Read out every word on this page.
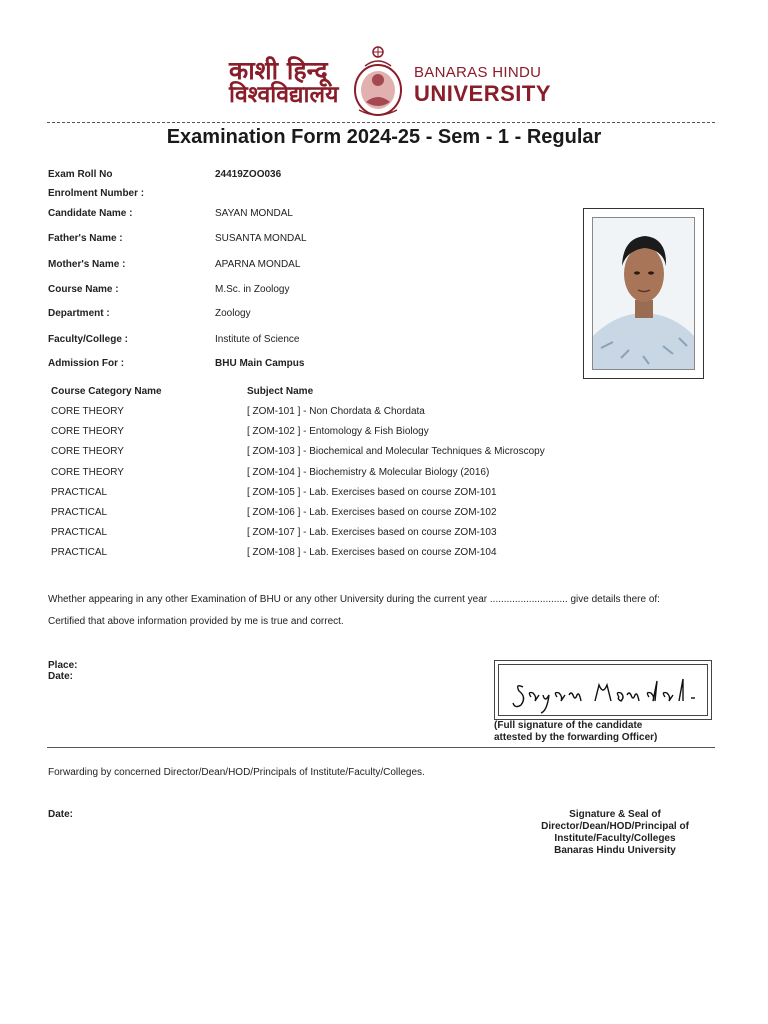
काशी हिन्दू
विश्वविद्यालय
BANARAS HINDU
UNIVERSITY
Examination Form 2024-25 - Sem - 1 - Regular
Exam Roll No	24419ZOO036
Enrolment Number :
Candidate Name :	SAYAN MONDAL
Father's Name :	SUSANTA MONDAL
Mother's Name :	APARNA MONDAL
Course Name :	M.Sc. in Zoology
Department :	Zoology
Faculty/College :	Institute of Science
Admission For :	BHU Main Campus
Course Category Name	Subject Name
CORE THEORY	[ ZOM-101 ] - Non Chordata & Chordata
CORE THEORY	[ ZOM-102 ] - Entomology & Fish Biology
CORE THEORY	[ ZOM-103 ] - Biochemical and Molecular Techniques & Microscopy
CORE THEORY	[ ZOM-104 ] - Biochemistry & Molecular Biology (2016)
PRACTICAL	[ ZOM-105 ] - Lab. Exercises based on course ZOM-101
PRACTICAL	[ ZOM-106 ] - Lab. Exercises based on course ZOM-102
PRACTICAL	[ ZOM-107 ] - Lab. Exercises based on course ZOM-103
PRACTICAL	[ ZOM-108 ] - Lab. Exercises based on course ZOM-104
Whether appearing in any other Examination of BHU or any other University during the current year ............................ give details there of:
Certified that above information provided by me is true and correct.
Place:
Date:
(Full signature of the candidate
attested by the forwarding Officer)
Forwarding by concerned Director/Dean/HOD/Principals of Institute/Faculty/Colleges.
Date:	Signature & Seal of
Director/Dean/HOD/Principal of
Institute/Faculty/Colleges
Banaras Hindu University
